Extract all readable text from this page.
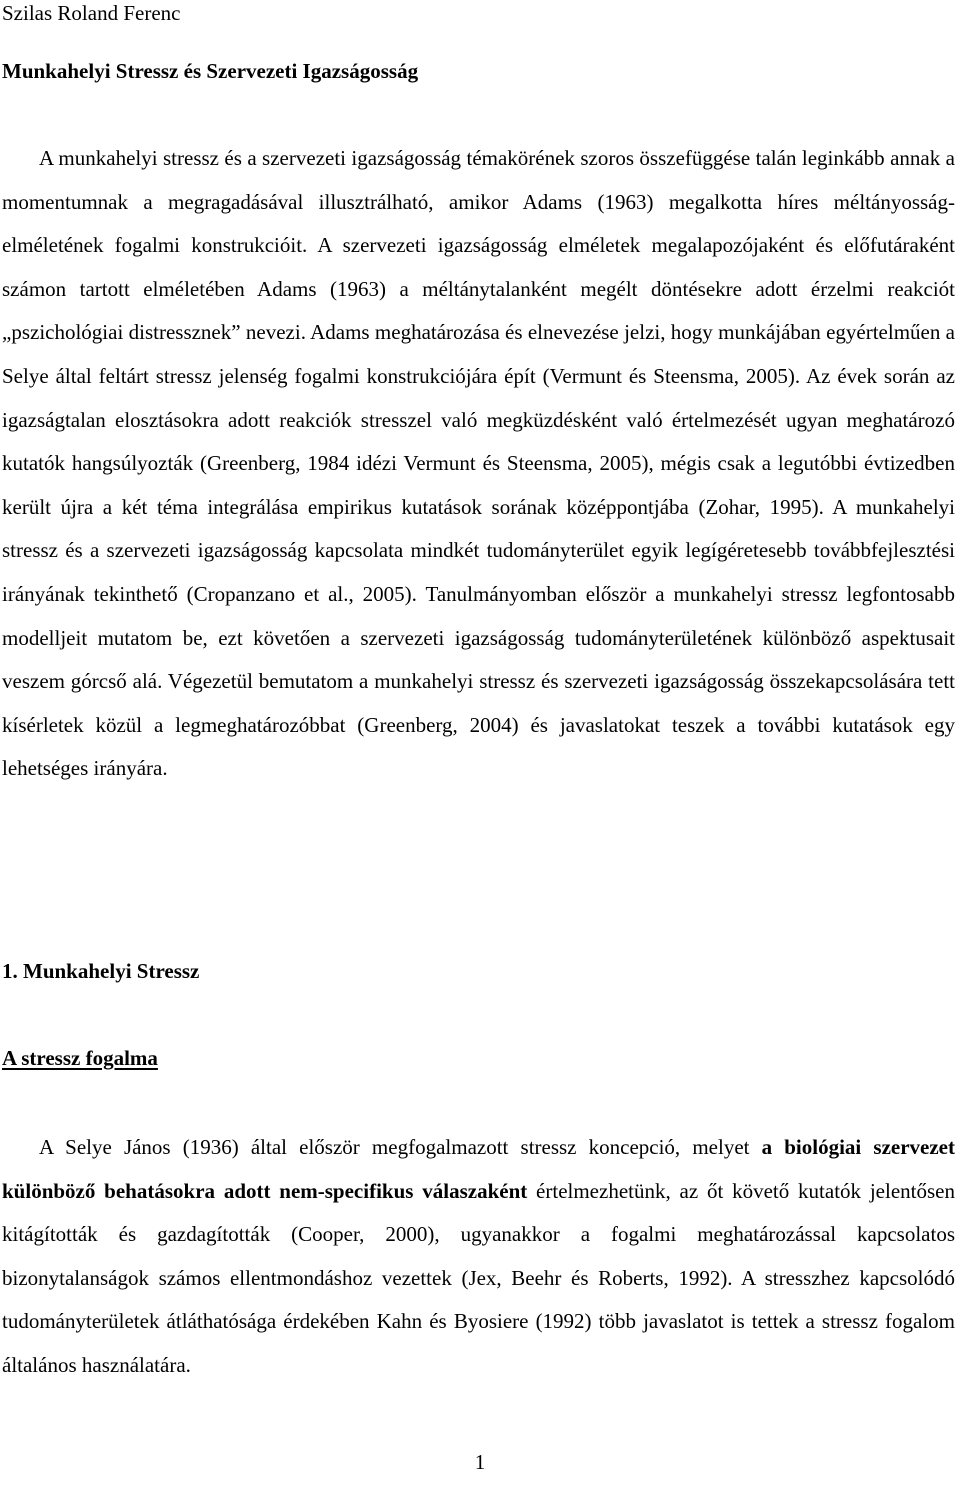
Szilas Roland Ferenc

Munkahelyi Stressz és Szervezeti Igazságosság

A munkahelyi stressz és a szervezeti igazságosság témakörének szoros összefüggése talán leginkább annak a momentumnak a megragadásával illusztrálható, amikor Adams (1963) megalkotta híres méltányosság-elméletének fogalmi konstrukcióit. A szervezeti igazságosság elméletek megalapozójaként és előfutáraként számon tartott elméletében Adams (1963) a méltánytalanként megélt döntésekre adott érzelmi reakciót „pszichológiai distressznek” nevezi. Adams meghatározása és elnevezése jelzi, hogy munkájában egyértelműen a Selye által feltárt stressz jelenség fogalmi konstrukciójára épít (Vermunt és Steensma, 2005). Az évek során az igazságtalan elosztásokra adott reakciók stresszel való megküzdésként való értelmezését ugyan meghatározó kutatók hangsúlyozták (Greenberg, 1984 idézi Vermunt és Steensma, 2005), mégis csak a legutóbbi évtizedben került újra a két téma integrálása empirikus kutatások sorának középpontjába (Zohar, 1995). A munkahelyi stressz és a szervezeti igazságosság kapcsolata mindkét tudományterület egyik legígéretesebb továbbfejlesztési irányának tekinthető (Cropanzano et al., 2005). Tanulmányomban először a munkahelyi stressz legfontosabb modelljeit mutatom be, ezt követően a szervezeti igazságosság tudományterületének különböző aspektusait veszem górcső alá. Végezetül bemutatom a munkahelyi stressz és szervezeti igazságosság összekapcsolására tett kísérletek közül a legmeghatározóbbat (Greenberg, 2004) és javaslatokat teszek a további kutatások egy lehetséges irányára.

1. Munkahelyi Stressz
A stressz fogalma

A Selye János (1936) által először megfogalmazott stressz koncepció, melyet a biológiai szervezet különböző behatásokra adott nem-specifikus válaszaként értelmezhetünk, az őt követő kutatók jelentősen kitágították és gazdagították (Cooper, 2000), ugyanakkor a fogalmi meghatározással kapcsolatos bizonytalanságok számos ellentmondáshoz vezettek (Jex, Beehr és Roberts, 1992). A stresszhez kapcsolódó tudományterületek átláthatósága érdekében Kahn és Byosiere (1992) több javaslatot is tettek a stressz fogalom általános használatára.

1
